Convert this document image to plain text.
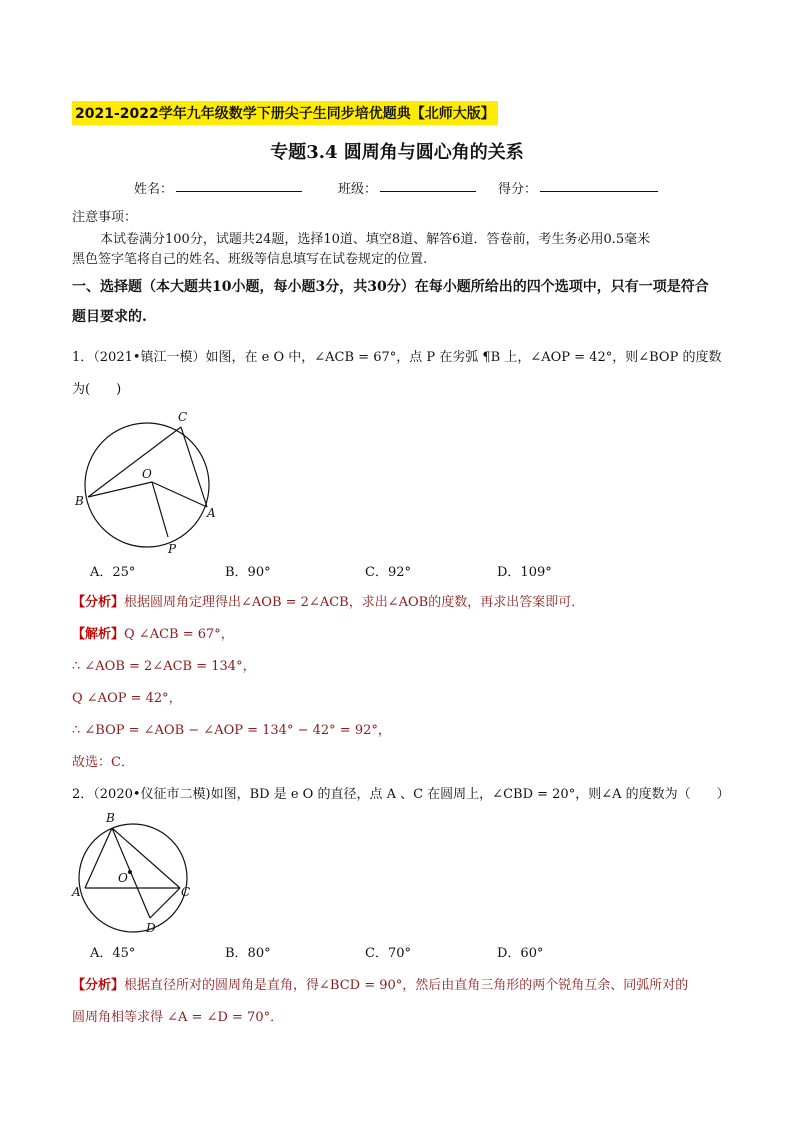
2021-2022学年九年级数学下册尖子生同步培优题典【北师大版】
专题3.4 圆周角与圆心角的关系
姓名：	班级：	得分：
注意事项：
本试卷满分100分，试题共24题，选择10道、填空8道、解答6道．答卷前，考生务必用0.5毫米
黑色签字笔将自己的姓名、班级等信息填写在试卷规定的位置.
一、选择题（本大题共10小题，每小题3分，共30分）在每小题所给出的四个选项中，只有一项是符合
题目要求的.
1．（2021•镇江一模）如图，在 e O 中，∠ACB = 67°，点 P 在劣弧 ¶B 上，∠AOP = 42°，则∠BOP 的度数
为(　　)
C
O
B
A
P
A．25°	B．90°	C．92°	D．109°
【分析】根据圆周角定理得出∠AOB = 2∠ACB，求出∠AOB的度数，再求出答案即可．
【解析】Q ∠ACB = 67°，
∴ ∠AOB = 2∠ACB = 134°，
Q ∠AOP = 42°，
∴ ∠BOP = ∠AOB − ∠AOP = 134° − 42° = 92°，
故选：C．
2．（2020•仪征市二模)如图，BD 是 e O 的直径，点 A 、C 在圆周上，∠CBD = 20°，则∠A 的度数为（　　）
B
O
A	C
D
A．45°	B．80°	C．70°	D．60°
【分析】根据直径所对的圆周角是直角，得∠BCD = 90°，然后由直角三角形的两个锐角互余、同弧所对的
圆周角相等求得 ∠A = ∠D = 70°．
